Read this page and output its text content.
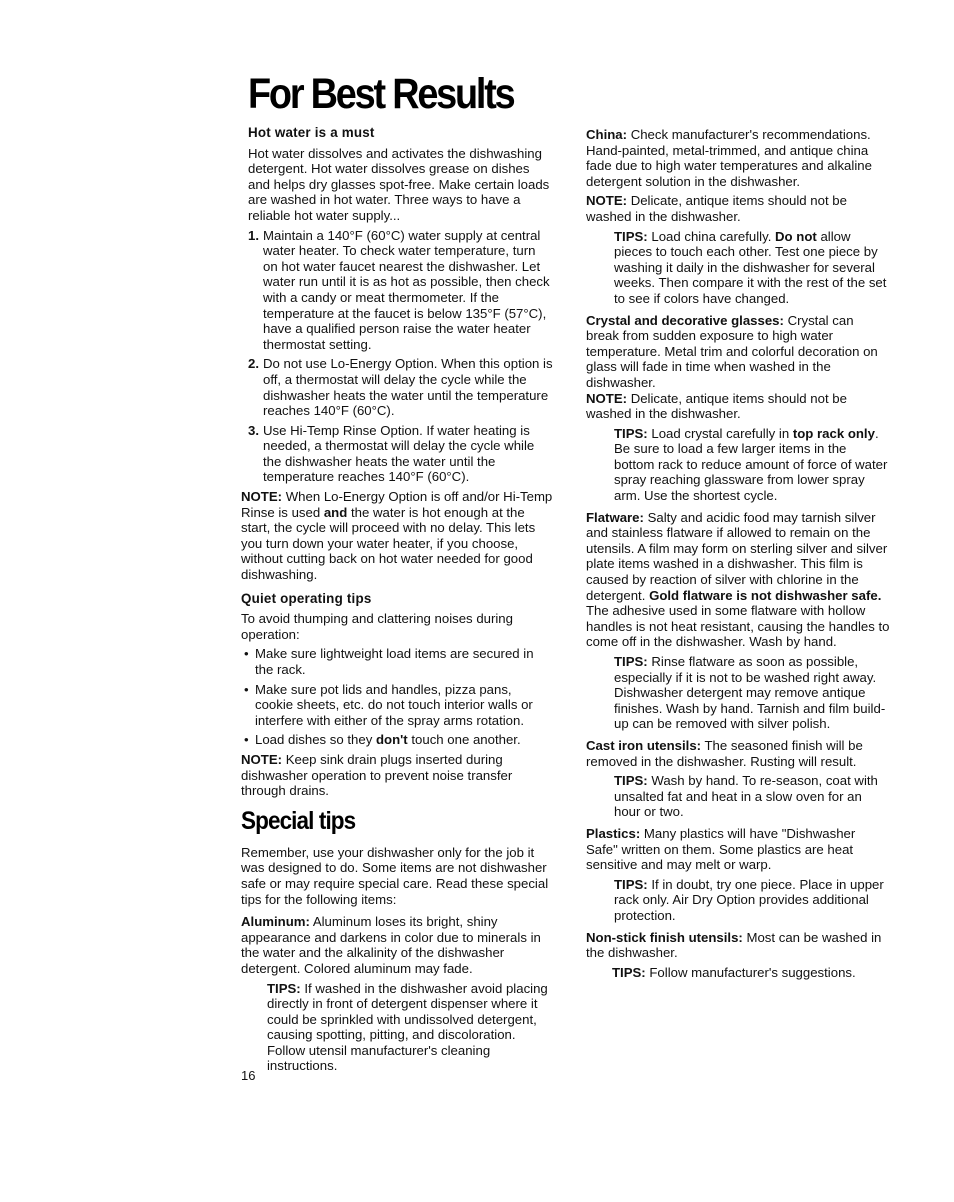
For Best Results
Hot water is a must

Hot water dissolves and activates the dishwashing detergent. Hot water dissolves grease on dishes and helps dry glasses spot-free. Make certain loads are washed in hot water. Three ways to have a reliable hot water supply...

1. Maintain a 140°F (60°C) water supply at central water heater. To check water temperature, turn on hot water faucet nearest the dishwasher. Let water run until it is as hot as possible, then check with a candy or meat thermometer. If the temperature at the faucet is below 135°F (57°C), have a qualified person raise the water heater thermostat setting.
2. Do not use Lo-Energy Option. When this option is off, a thermostat will delay the cycle while the dishwasher heats the water until the temperature reaches 140°F (60°C).
3. Use Hi-Temp Rinse Option. If water heating is needed, a thermostat will delay the cycle while the dishwasher heats the water until the temperature reaches 140°F (60°C).

NOTE: When Lo-Energy Option is off and/or Hi-Temp Rinse is used and the water is hot enough at the start, the cycle will proceed with no delay. This lets you turn down your water heater, if you choose, without cutting back on hot water needed for good dishwashing.

Quiet operating tips

To avoid thumping and clattering noises during operation:

• Make sure lightweight load items are secured in the rack.
• Make sure pot lids and handles, pizza pans, cookie sheets, etc. do not touch interior walls or interfere with either of the spray arms rotation.
• Load dishes so they don't touch one another.

NOTE: Keep sink drain plugs inserted during dishwasher operation to prevent noise transfer through drains.

Special tips

Remember, use your dishwasher only for the job it was designed to do. Some items are not dishwasher safe or may require special care. Read these special tips for the following items:

Aluminum: Aluminum loses its bright, shiny appearance and darkens in color due to minerals in the water and the alkalinity of the dishwasher detergent. Colored aluminum may fade.

TIPS: If washed in the dishwasher avoid placing directly in front of detergent dispenser where it could be sprinkled with undissolved detergent, causing spotting, pitting, and discoloration. Follow utensil manufacturer's cleaning instructions.

China: Check manufacturer's recommendations. Hand-painted, metal-trimmed, and antique china fade due to high water temperatures and alkaline detergent solution in the dishwasher.

NOTE: Delicate, antique items should not be washed in the dishwasher.

TIPS: Load china carefully. Do not allow pieces to touch each other. Test one piece by washing it daily in the dishwasher for several weeks. Then compare it with the rest of the set to see if colors have changed.

Crystal and decorative glasses: Crystal can break from sudden exposure to high water temperature. Metal trim and colorful decoration on glass will fade in time when washed in the dishwasher.
NOTE: Delicate, antique items should not be washed in the dishwasher.

TIPS: Load crystal carefully in top rack only. Be sure to load a few larger items in the bottom rack to reduce amount of force of water spray reaching glassware from lower spray arm. Use the shortest cycle.

Flatware: Salty and acidic food may tarnish silver and stainless flatware if allowed to remain on the utensils. A film may form on sterling silver and silver plate items washed in a dishwasher. This film is caused by reaction of silver with chlorine in the detergent. Gold flatware is not dishwasher safe. The adhesive used in some flatware with hollow handles is not heat resistant, causing the handles to come off in the dishwasher. Wash by hand.

TIPS: Rinse flatware as soon as possible, especially if it is not to be washed right away. Dishwasher detergent may remove antique finishes. Wash by hand. Tarnish and film build-up can be removed with silver polish.

Cast iron utensils: The seasoned finish will be removed in the dishwasher. Rusting will result.

TIPS: Wash by hand. To re-season, coat with unsalted fat and heat in a slow oven for an hour or two.

Plastics: Many plastics will have "Dishwasher Safe" written on them. Some plastics are heat sensitive and may melt or warp.

TIPS: If in doubt, try one piece. Place in upper rack only. Air Dry Option provides additional protection.

Non-stick finish utensils: Most can be washed in the dishwasher.

TIPS: Follow manufacturer's suggestions.

16
